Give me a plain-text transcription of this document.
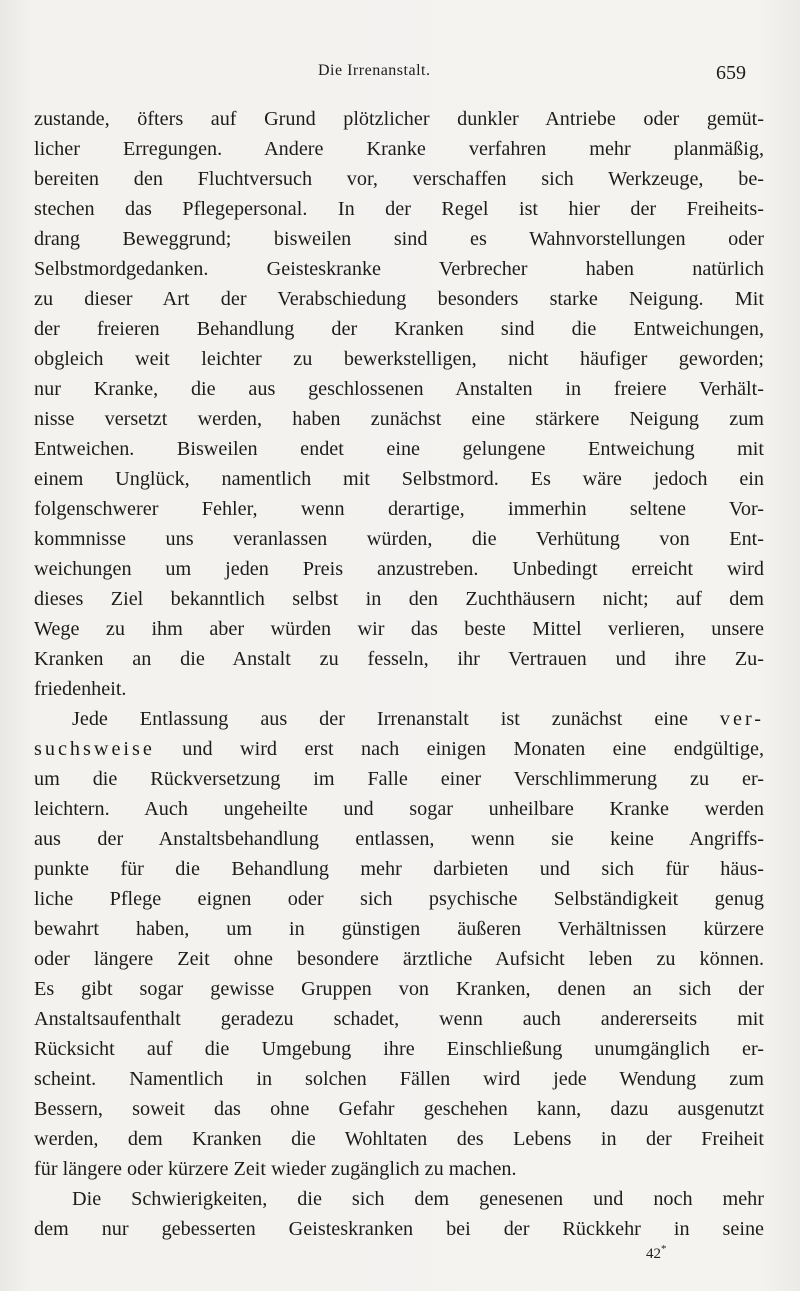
Die Irrenanstalt.	659
zustande, öfters auf Grund plötzlicher dunkler Antriebe oder gemüt-
licher Erregungen. Andere Kranke verfahren mehr planmäßig,
bereiten den Fluchtversuch vor, verschaffen sich Werkzeuge, be-
stechen das Pflegepersonal. In der Regel ist hier der Freiheits-
drang Beweggrund; bisweilen sind es Wahnvorstellungen oder
Selbstmordgedanken. Geisteskranke Verbrecher haben natürlich
zu dieser Art der Verabschiedung besonders starke Neigung. Mit
der freieren Behandlung der Kranken sind die Entweichungen,
obgleich weit leichter zu bewerkstelligen, nicht häufiger geworden;
nur Kranke, die aus geschlossenen Anstalten in freiere Verhält-
nisse versetzt werden, haben zunächst eine stärkere Neigung zum
Entweichen. Bisweilen endet eine gelungene Entweichung mit
einem Unglück, namentlich mit Selbstmord. Es wäre jedoch ein
folgenschwerer Fehler, wenn derartige, immerhin seltene Vor-
kommnisse uns veranlassen würden, die Verhütung von Ent-
weichungen um jeden Preis anzustreben. Unbedingt erreicht wird
dieses Ziel bekanntlich selbst in den Zuchthäusern nicht; auf dem
Wege zu ihm aber würden wir das beste Mittel verlieren, unsere
Kranken an die Anstalt zu fesseln, ihr Vertrauen und ihre Zu-
friedenheit.
Jede Entlassung aus der Irrenanstalt ist zunächst eine ver-
suchsweise und wird erst nach einigen Monaten eine endgültige,
um die Rückversetzung im Falle einer Verschlimmerung zu er-
leichtern. Auch ungeheilte und sogar unheilbare Kranke werden
aus der Anstaltsbehandlung entlassen, wenn sie keine Angriffs-
punkte für die Behandlung mehr darbieten und sich für häus-
liche Pflege eignen oder sich psychische Selbständigkeit genug
bewahrt haben, um in günstigen äußeren Verhältnissen kürzere
oder längere Zeit ohne besondere ärztliche Aufsicht leben zu können.
Es gibt sogar gewisse Gruppen von Kranken, denen an sich der
Anstaltsaufenthalt geradezu schadet, wenn auch andererseits mit
Rücksicht auf die Umgebung ihre Einschließung unumgänglich er-
scheint. Namentlich in solchen Fällen wird jede Wendung zum
Bessern, soweit das ohne Gefahr geschehen kann, dazu ausgenutzt
werden, dem Kranken die Wohltaten des Lebens in der Freiheit
für längere oder kürzere Zeit wieder zugänglich zu machen.
Die Schwierigkeiten, die sich dem genesenen und noch mehr
dem nur gebesserten Geisteskranken bei der Rückkehr in seine
42*
